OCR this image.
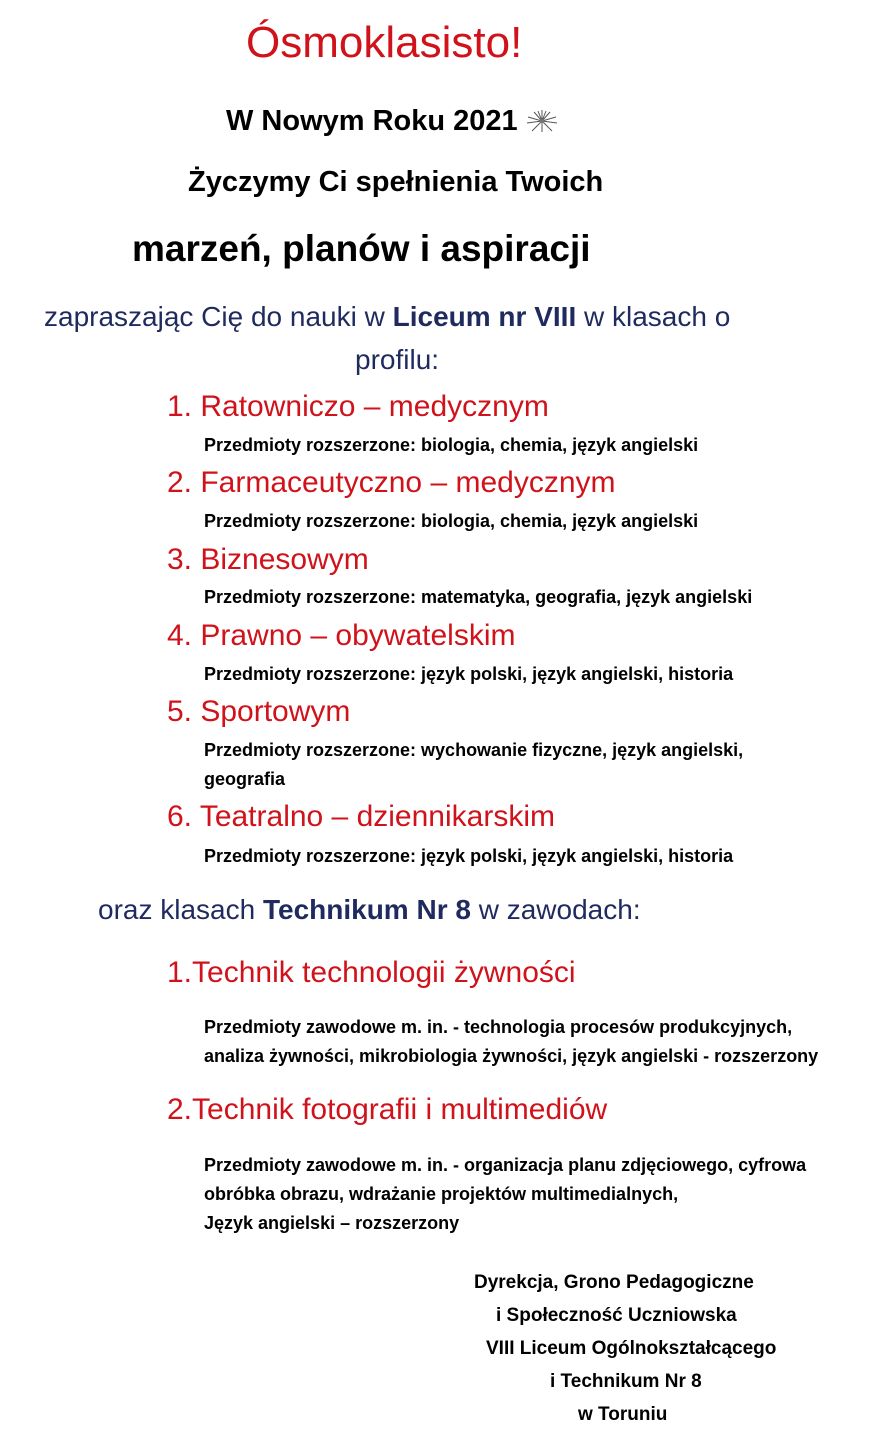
Ósmoklasisto!
W Nowym Roku 2021
Życzymy Ci spełnienia Twoich
marzeń, planów i aspiracji
zapraszając Cię do nauki w Liceum nr VIII w klasach o
profilu:
1. Ratowniczo – medycznym
Przedmioty rozszerzone: biologia, chemia, język angielski
2. Farmaceutyczno – medycznym
Przedmioty rozszerzone: biologia, chemia, język angielski
3. Biznesowym
Przedmioty rozszerzone: matematyka, geografia, język angielski
4. Prawno – obywatelskim
Przedmioty rozszerzone: język polski, język angielski, historia
5. Sportowym
Przedmioty rozszerzone: wychowanie fizyczne, język angielski,
geografia
6. Teatralno – dziennikarskim
Przedmioty rozszerzone: język polski, język angielski, historia
oraz klasach Technikum Nr 8 w zawodach:
1.Technik technologii żywności
Przedmioty zawodowe m. in. - technologia procesów produkcyjnych,
analiza żywności, mikrobiologia żywności, język angielski - rozszerzony
2.Technik fotografii i multimediów
Przedmioty zawodowe m. in. - organizacja planu zdjęciowego, cyfrowa
obróbka obrazu, wdrażanie projektów multimedialnych,
Język angielski – rozszerzony
Dyrekcja, Grono Pedagogiczne
i Społeczność Uczniowska
VIII Liceum Ogólnokształcącego
i Technikum Nr 8
w Toruniu
